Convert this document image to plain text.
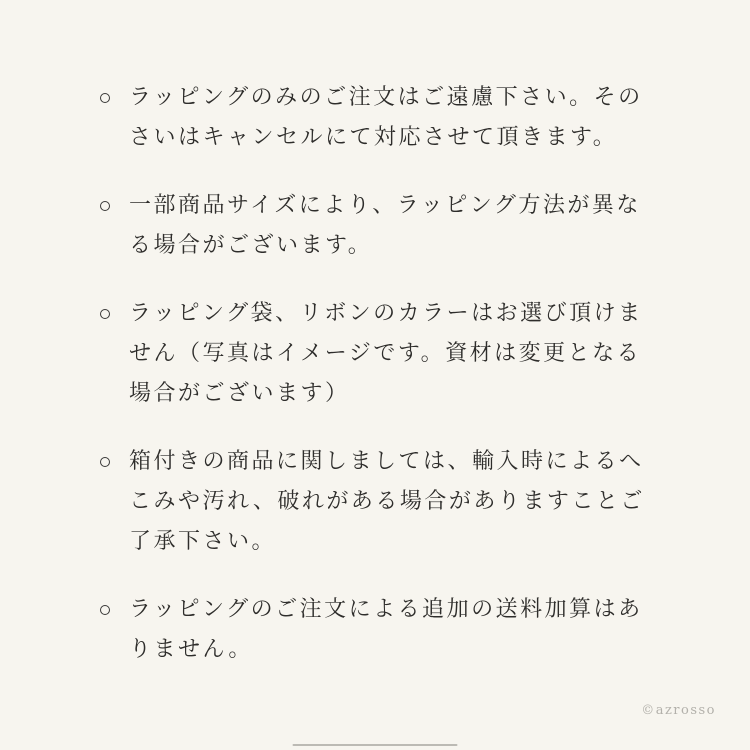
ラッピングのみのご注文はご遠慮下さい。そのさいはキャンセルにて対応させて頂きます。

一部商品サイズにより、ラッピング方法が異なる場合がございます。

ラッピング袋、リボンのカラーはお選び頂けません（写真はイメージです。資材は変更となる場合がございます）

箱付きの商品に関しましては、輸入時によるへこみや汚れ、破れがある場合がありますことご了承下さい。

ラッピングのご注文による追加の送料加算はありません。

©azrosso
